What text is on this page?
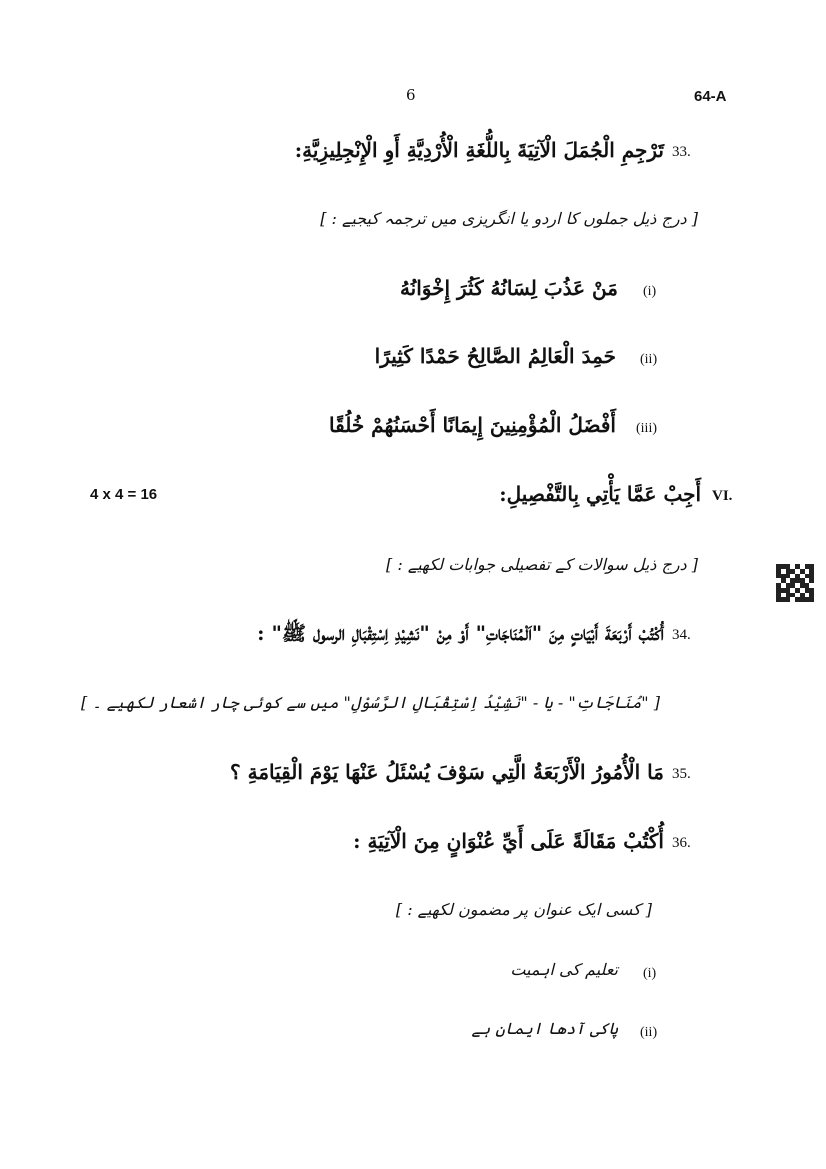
6	64-A
33.
تَرْجِمِ الْجُمَلَ الْآتِيَةَ بِاللُّغَةِ الْأُرْدِيَّةِ أَوِ الْإِنْجِلِيزِيَّةِ:
[ درج ذیل جملوں کا اردو یا انگریزی میں ترجمہ کیجیے : ]
(i)
مَنْ عَذُبَ لِسَانُهُ كَثُرَ إِخْوَانُهُ
(ii)
حَمِدَ الْعَالِمُ الصَّالِحُ حَمْدًا كَثِيرًا
(iii)
أَفْضَلُ الْمُؤْمِنِينَ إِيمَانًا أَحْسَنُهُمْ خُلُقًا
4 x 4 = 16	VI.
أَجِبْ عَمَّا يَأْتِي بِالتَّفْصِيلِ:
[ درج ذیل سوالات کے تفصیلی جوابات لکھیے : ]
34.
أُكْتُبْ أَرْبَعَةَ أَبْيَاتٍ مِنَ "اَلْمُنَاجَاتِ" أَوْ مِنْ "نَشِيْدِ اِسْتِقْبَالِ الرسول ﷺ" :
[ "مُنَاجَاتِ" - یا - "نَشِيْدُ اِسْتِقْبَالِ الرَّسُوْلِ" میں سے کوئی چار اشعار لکھیے ۔ ]
35.
مَا الْأُمُورُ الْأَرْبَعَةُ الَّتِي سَوْفَ يُسْئَلُ عَنْهَا يَوْمَ الْقِيَامَةِ ؟
36.
أُكْتُبْ مَقَالَةً عَلَى أَيِّ عُنْوَانٍ مِنَ الْآتِيَةِ :
[ کسی ایک عنوان پر مضمون لکھیے : ]
(i)
تعلیم کی اہمیت
(ii)
پاکی آدھا ایمان ہے
